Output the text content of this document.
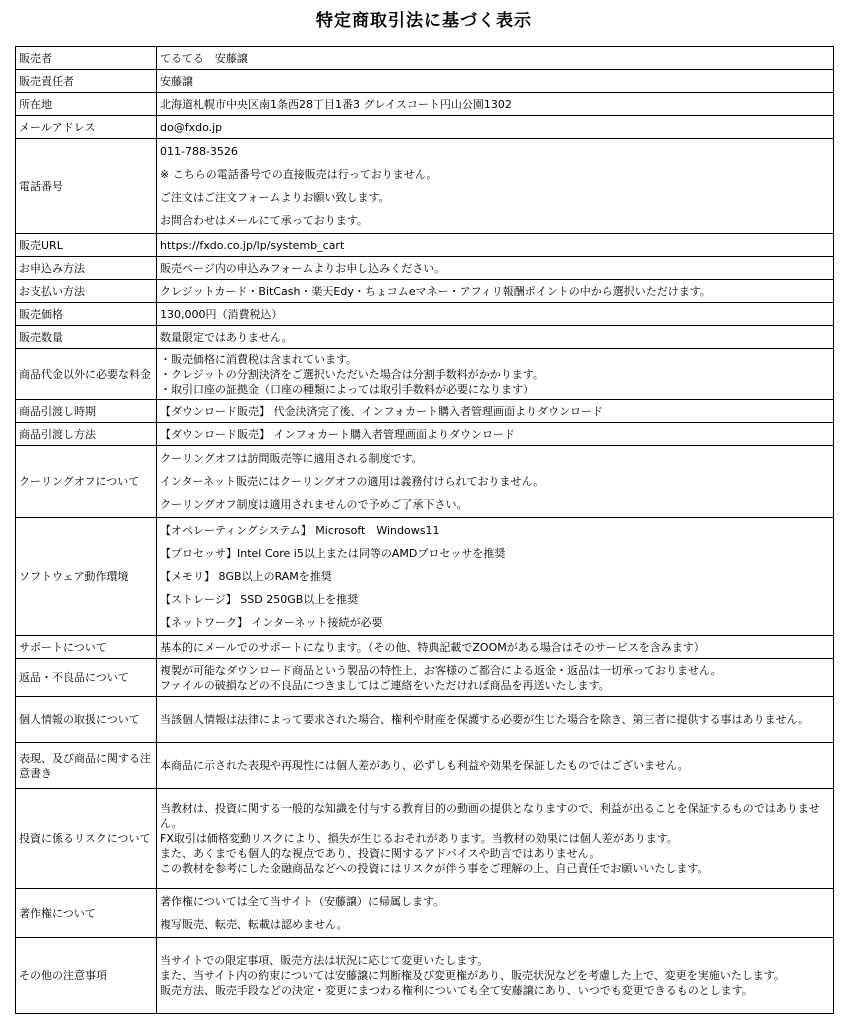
特定商取引法に基づく表示
販売者	てるてる　安藤譲

販売責任者	安藤譲

所在地	北海道札幌市中央区南1条西28丁目1番3 グレイスコート円山公園1302

メールアドレス	do@fxdo.jp

電話番号	011-788-3526
※ こちらの電話番号での直接販売は行っておりません。
ご注文はご注文フォームよりお願い致します。
お問合わせはメールにて承っております。

販売URL	https://fxdo.co.jp/lp/systemb_cart

お申込み方法	販売ページ内の申込みフォームよりお申し込みください。

お支払い方法	クレジットカード・BitCash・楽天Edy・ちょコムeマネー・アフィリ報酬ポイントの中から選択いただけます。

販売価格	130,000円（消費税込）

販売数量	数量限定ではありません。

商品代金以外に必要な料金	・販売価格に消費税は含まれています。
・クレジットの分割決済をご選択いただいた場合は分割手数料がかかります。
・取引口座の証拠金（口座の種類によっては取引手数料が必要になります）

商品引渡し時期	【ダウンロード販売】 代金決済完了後、インフォカート購入者管理画面よりダウンロード

商品引渡し方法	【ダウンロード販売】 インフォカート購入者管理画面よりダウンロード

クーリングオフについて	クーリングオフは訪問販売等に適用される制度です。
インターネット販売にはクーリングオフの適用は義務付けられておりません。
クーリングオフ制度は適用されませんので予めご了承下さい。

ソフトウェア動作環境	【オペレーティングシステム】 Microsoft　Windows11
【プロセッサ】Intel Core i5以上または同等のAMDプロセッサを推奨
【メモリ】 8GB以上のRAMを推奨
【ストレージ】 SSD 250GB以上を推奨
【ネットワーク】 インターネット接続が必要

サポートについて	基本的にメールでのサポートになります。（その他、特典記載でZOOMがある場合はそのサービスを含みます）

返品・不良品について	複製が可能なダウンロード商品という製品の特性上、お客様のご都合による返金・返品は一切承っておりません。
ファイルの破損などの不良品につきましてはご連絡をいただければ商品を再送いたします。

個人情報の取扱について	当該個人情報は法律によって要求された場合、権利や財産を保護する必要が生じた場合を除き、第三者に提供する事はありません。

表現、及び商品に関する注意書き	本商品に示された表現や再現性には個人差があり、必ずしも利益や効果を保証したものではございません。

投資に係るリスクについて	当教材は、投資に関する一般的な知識を付与する教育目的の動画の提供となりますので、利益が出ることを保証するものではありません。
FX取引は価格変動リスクにより、損失が生じるおそれがあります。当教材の効果には個人差があります。
また、あくまでも個人的な視点であり、投資に関するアドバイスや助言ではありません。
この教材を参考にした金融商品などへの投資にはリスクが伴う事をご理解の上、自己責任でお願いいたします。

著作権について	著作権については全て当サイト（安藤譲）に帰属します。
複写販売、転売、転載は認めません。

その他の注意事項	当サイトでの限定事項、販売方法は状況に応じて変更いたします。
また、当サイト内の約束については安藤譲に判断権及び変更権があり、販売状況などを考慮した上で、変更を実施いたします。
販売方法、販売手段などの決定・変更にまつわる権利についても全て安藤譲にあり、いつでも変更できるものとします。
